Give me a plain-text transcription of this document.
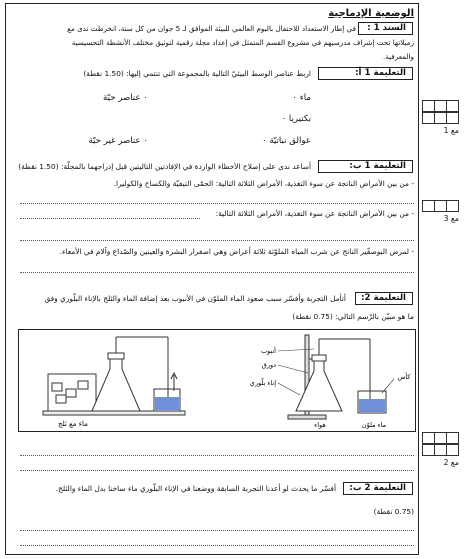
الوضعية الإدماجية
السند 1 :
في إطار الاستعداد للاحتفال باليوم العالمي للبيئة الموافق لـ 5 جوان من كل سنة، انخرطت ندى مع
زميلاتها تحت إشراف مدرسيهم في مشروع القسم المتمثل في إعداد مجلة رقمية لتوثيق مختلف الأنشطة التحسيسية
والمعرفية.
التعليمة 1 أ:
اربط عناصر الوسط البيئيّ التالية بالمجموعة التي تنتمي إليها: (1.50 نقطة)
ماء ٠
بكتيريا ٠
عوالق نباتيّة ٠
٠ عناصر حيّة
٠ عناصر غير حيّة
التعليمة 1 ب:
أساعد ندى على إصلاح الأخطاء الواردة في الإفادتين التاليتين قبل إدراجهما بالمجلّة: (1.50 نقطة)
- من بين الأمراض الناتجة عن سوء التغذية، الأمراض الثلاثة التالية: الحمّى التيفيّة والكساح والكوليرا.
- من بين الأمراض الناتجة عن سوء التغذية، الأمراض الثلاثة التالية:
- لمرض البوصفّير الناتج عن شرب المياه الملوّثة ثلاثة أعراض وهي اصفرار البشرة والعينين والصّداع وآلام في الأمعاء.
التعليمة 2:
أتأمل التجربة وأفسّر سبب صعود الماء الملوّن في الأنبوب بعد إضافة الماء والثلج بالإناء البلّوري وفق
ما هو مبيّن بالرّسم التالي: (0.75 نقطة)
ماء مع ثلج
أنبوب
دورق
إناء بلّوري
هواء	ماء ملوّن
كأس
التعليمة 2 ب:
أفسّر ما يحدث لو أعدنا التجربة السابقة ووضعنا في الإناء البلّوري ماء ساخنا بدل الماء والثلج.
(0.75 نقطة)
مع 1
مع 3
مع 2
